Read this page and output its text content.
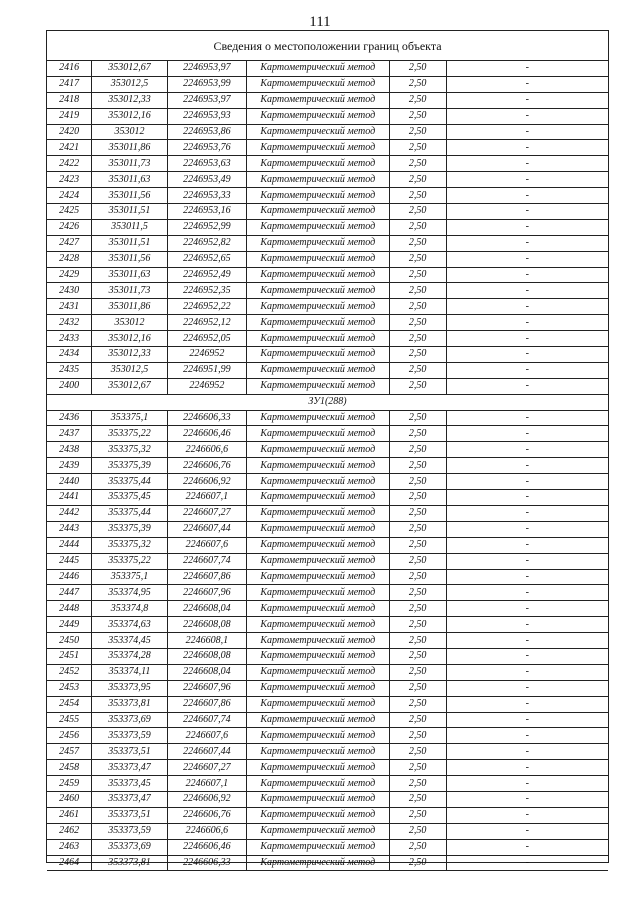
111
Сведения о местоположении границ объекта
2416	353012,67	2246953,97	Картометрический метод	2,50	-
2417	353012,5	2246953,99	Картометрический метод	2,50	-
2418	353012,33	2246953,97	Картометрический метод	2,50	-
2419	353012,16	2246953,93	Картометрический метод	2,50	-
2420	353012	2246953,86	Картометрический метод	2,50	-
2421	353011,86	2246953,76	Картометрический метод	2,50	-
2422	353011,73	2246953,63	Картометрический метод	2,50	-
2423	353011,63	2246953,49	Картометрический метод	2,50	-
2424	353011,56	2246953,33	Картометрический метод	2,50	-
2425	353011,51	2246953,16	Картометрический метод	2,50	-
2426	353011,5	2246952,99	Картометрический метод	2,50	-
2427	353011,51	2246952,82	Картометрический метод	2,50	-
2428	353011,56	2246952,65	Картометрический метод	2,50	-
2429	353011,63	2246952,49	Картометрический метод	2,50	-
2430	353011,73	2246952,35	Картометрический метод	2,50	-
2431	353011,86	2246952,22	Картометрический метод	2,50	-
2432	353012	2246952,12	Картометрический метод	2,50	-
2433	353012,16	2246952,05	Картометрический метод	2,50	-
2434	353012,33	2246952	Картометрический метод	2,50	-
2435	353012,5	2246951,99	Картометрический метод	2,50	-
2400	353012,67	2246952	Картометрический метод	2,50	-
ЗУ1(288)					
2436	353375,1	2246606,33	Картометрический метод	2,50	-
2437	353375,22	2246606,46	Картометрический метод	2,50	-
2438	353375,32	2246606,6	Картометрический метод	2,50	-
2439	353375,39	2246606,76	Картометрический метод	2,50	-
2440	353375,44	2246606,92	Картометрический метод	2,50	-
2441	353375,45	2246607,1	Картометрический метод	2,50	-
2442	353375,44	2246607,27	Картометрический метод	2,50	-
2443	353375,39	2246607,44	Картометрический метод	2,50	-
2444	353375,32	2246607,6	Картометрический метод	2,50	-
2445	353375,22	2246607,74	Картометрический метод	2,50	-
2446	353375,1	2246607,86	Картометрический метод	2,50	-
2447	353374,95	2246607,96	Картометрический метод	2,50	-
2448	353374,8	2246608,04	Картометрический метод	2,50	-
2449	353374,63	2246608,08	Картометрический метод	2,50	-
2450	353374,45	2246608,1	Картометрический метод	2,50	-
2451	353374,28	2246608,08	Картометрический метод	2,50	-
2452	353374,11	2246608,04	Картометрический метод	2,50	-
2453	353373,95	2246607,96	Картометрический метод	2,50	-
2454	353373,81	2246607,86	Картометрический метод	2,50	-
2455	353373,69	2246607,74	Картометрический метод	2,50	-
2456	353373,59	2246607,6	Картометрический метод	2,50	-
2457	353373,51	2246607,44	Картометрический метод	2,50	-
2458	353373,47	2246607,27	Картометрический метод	2,50	-
2459	353373,45	2246607,1	Картометрический метод	2,50	-
2460	353373,47	2246606,92	Картометрический метод	2,50	-
2461	353373,51	2246606,76	Картометрический метод	2,50	-
2462	353373,59	2246606,6	Картометрический метод	2,50	-
2463	353373,69	2246606,46	Картометрический метод	2,50	-
2464	353373,81	2246606,33	Картометрический метод	2,50	-
